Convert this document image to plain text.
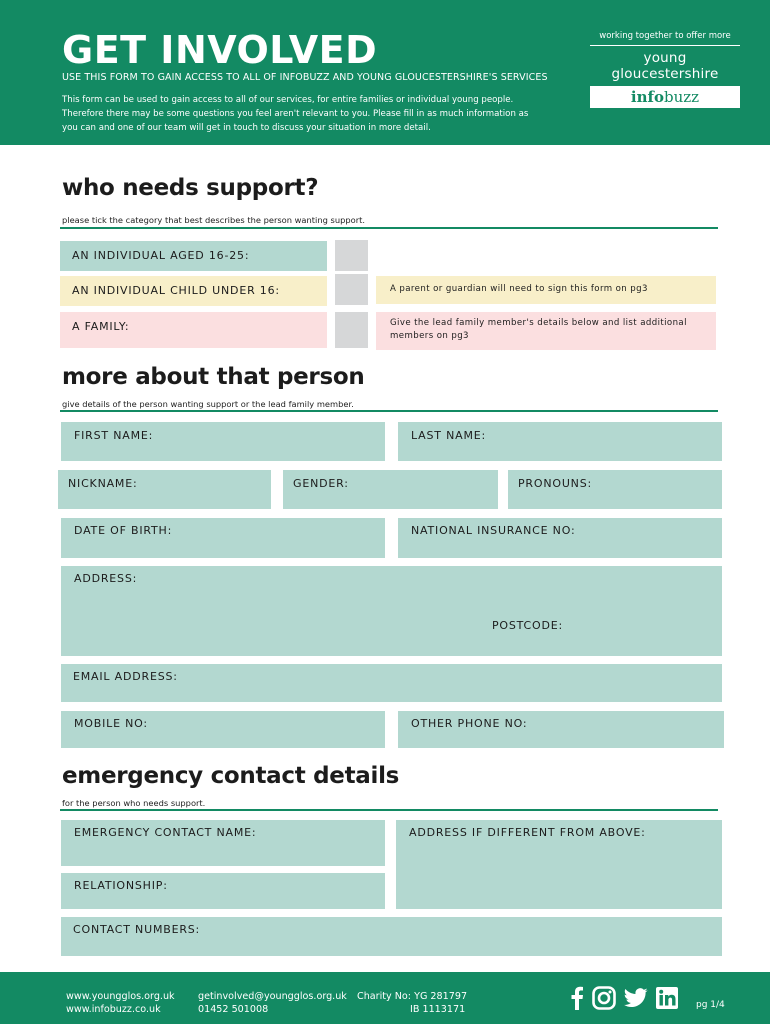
GET INVOLVED
USE THIS FORM TO GAIN ACCESS TO ALL OF INFOBUZZ AND YOUNG GLOUCESTERSHIRE'S SERVICES
This form can be used to gain access to all of our services, for entire families or individual young people. Therefore there may be some questions you feel aren't relevant to you. Please fill in as much information as you can and one of our team will get in touch to discuss your situation in more detail.
working together to offer more
young gloucestershire
infobuzz
who needs support?
please tick the category that best describes the person wanting support.
AN INDIVIDUAL AGED 16-25:
AN INDIVIDUAL CHILD UNDER 16:	A parent or guardian will need to sign this form on pg3
A FAMILY:	Give the lead family member's details below and list additional members on pg3
more about that person
give details of the person wanting support or the lead family member.
FIRST NAME:	LAST NAME:
NICKNAME:	GENDER:	PRONOUNS:
DATE OF BIRTH:	NATIONAL INSURANCE NO:
ADDRESS:
POSTCODE:
EMAIL ADDRESS:
MOBILE NO:	OTHER PHONE NO:
emergency contact details
for the person who needs support.
EMERGENCY CONTACT NAME:	ADDRESS IF DIFFERENT FROM ABOVE:
RELATIONSHIP:
CONTACT NUMBERS:
www.youngglos.org.uk
www.infobuzz.co.uk
getinvolved@youngglos.org.uk
01452 501008
Charity No: YG 281797
IB 1113171	pg 1/4
